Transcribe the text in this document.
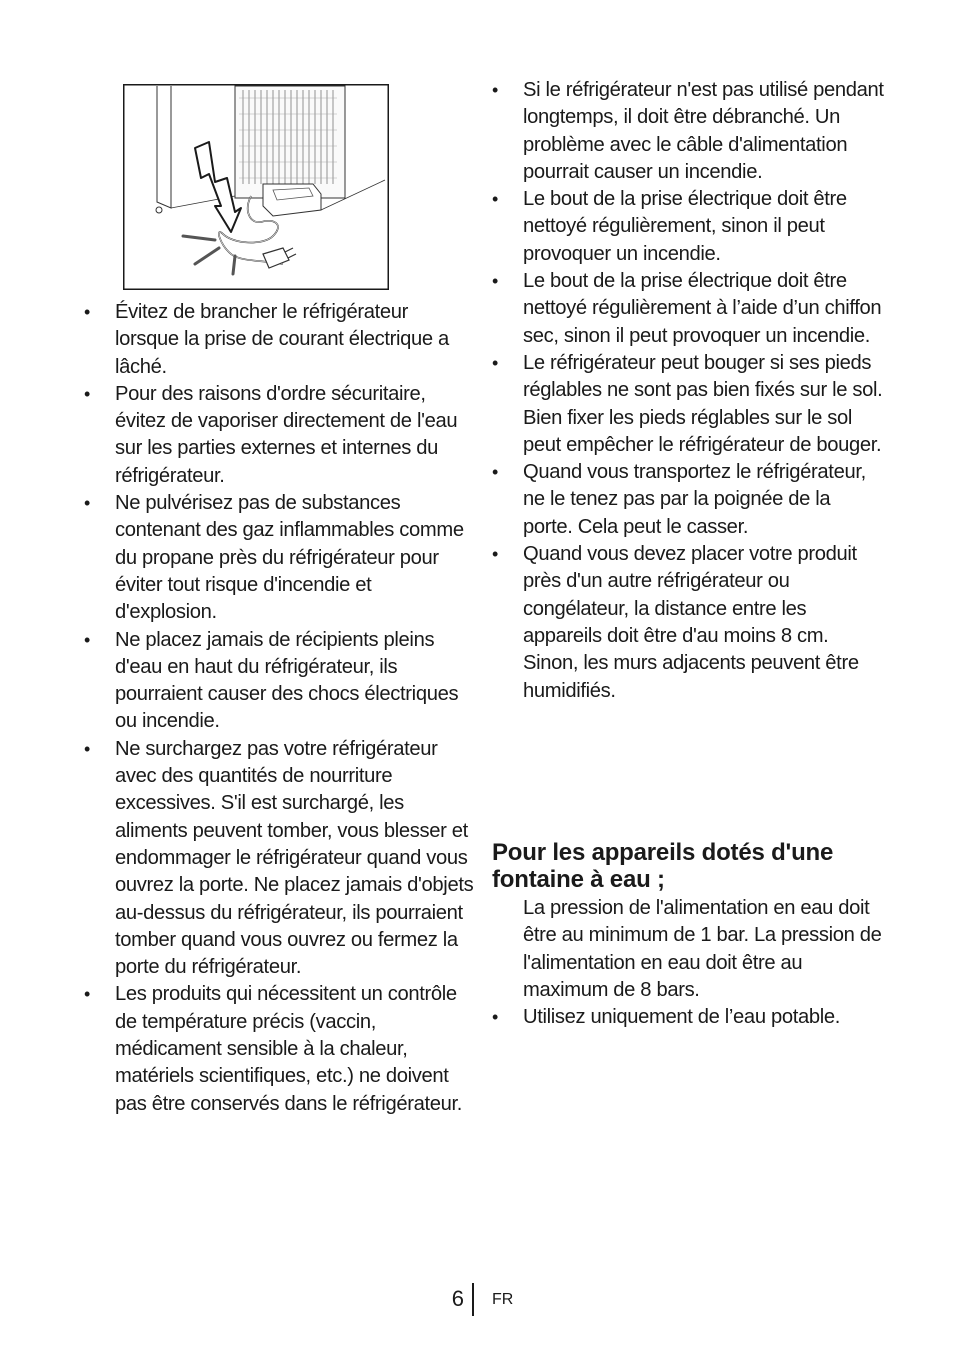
• Évitez de brancher le réfrigérateur lorsque la prise de courant électrique a lâché.
• Pour des raisons d'ordre sécuritaire, évitez de vaporiser directement de l'eau sur les parties externes et internes du réfrigérateur.
• Ne pulvérisez pas de substances contenant des gaz inflammables comme du propane près du réfrigérateur pour éviter tout risque d'incendie et d'explosion.
• Ne placez jamais de récipients pleins d'eau en haut du réfrigérateur, ils pourraient causer des chocs électriques ou incendie.
• Ne surchargez pas votre réfrigérateur avec des quantités de nourriture excessives. S'il est surchargé, les aliments peuvent tomber, vous blesser et endommager le réfrigérateur quand vous ouvrez la porte. Ne placez jamais d'objets au-dessus du réfrigérateur, ils pourraient tomber quand vous ouvrez ou fermez la porte du réfrigérateur.
• Les produits qui nécessitent un contrôle de température précis (vaccin, médicament sensible à la chaleur, matériels scientifiques, etc.) ne doivent pas être conservés dans le réfrigérateur.
• Si le réfrigérateur n'est pas utilisé pendant longtemps, il doit être débranché. Un problème avec le câble d'alimentation pourrait causer un incendie.
• Le bout de la prise électrique doit être nettoyé régulièrement, sinon il peut provoquer un incendie.
• Le bout de la prise électrique doit être nettoyé régulièrement à l’aide d’un chiffon sec, sinon il peut provoquer un incendie.
• Le réfrigérateur peut bouger si ses pieds réglables ne sont pas bien fixés sur le sol. Bien fixer les pieds réglables sur le sol peut empêcher le réfrigérateur de bouger.
• Quand vous transportez le réfrigérateur, ne le tenez pas par la poignée de la porte. Cela peut le casser.
• Quand vous devez placer votre produit près d'un autre réfrigérateur ou congélateur, la distance entre les appareils doit être d'au moins 8 cm. Sinon, les murs adjacents peuvent être humidifiés.
Pour les appareils dotés d'une fontaine à eau ;

La pression de l'alimentation en eau doit être au minimum de 1 bar. La pression de l'alimentation en eau doit être au maximum de 8 bars.

• Utilisez uniquement de l’eau potable.
6 FR
